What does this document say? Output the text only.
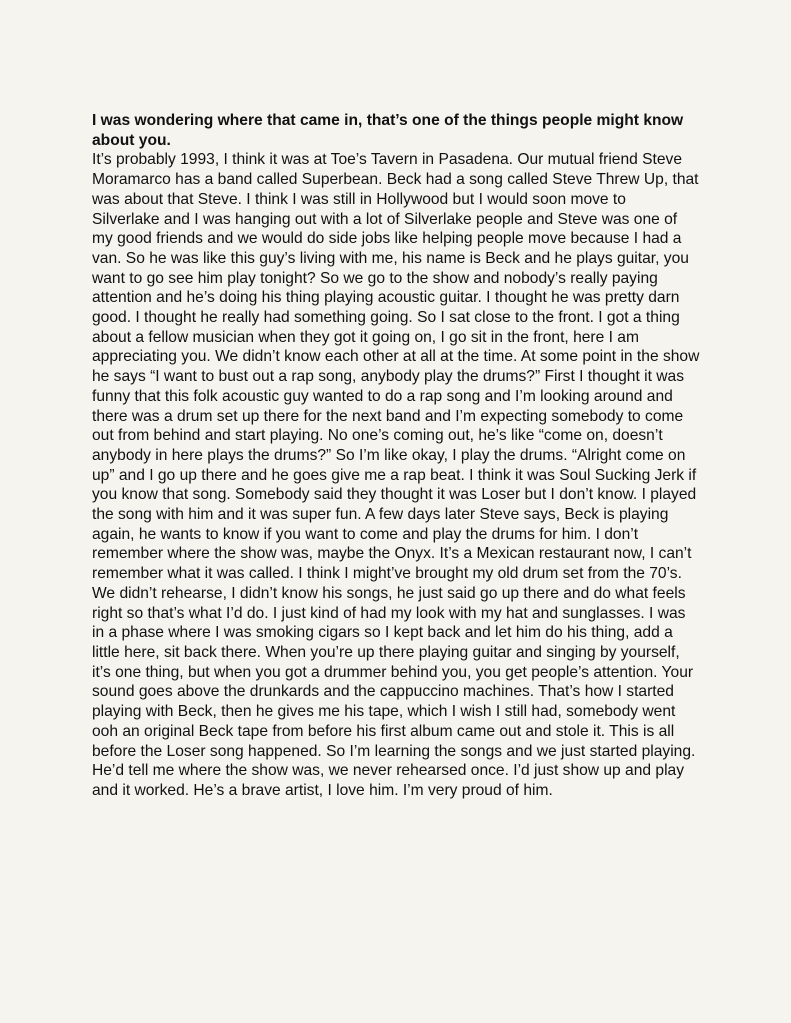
I was wondering where that came in, that’s one of the things people might know about you.

It’s probably 1993, I think it was at Toe’s Tavern in Pasadena. Our mutual friend Steve
Moramarco has a band called Superbean. Beck had a song called Steve Threw Up, that
was about that Steve. I think I was still in Hollywood but I would soon move to
Silverlake and I was hanging out with a lot of Silverlake people and Steve was one of
my good friends and we would do side jobs like helping people move because I had a
van. So he was like this guy’s living with me, his name is Beck and he plays guitar, you
want to go see him play tonight? So we go to the show and nobody’s really paying
attention and he’s doing his thing playing acoustic guitar. I thought he was pretty darn
good. I thought he really had something going. So I sat close to the front. I got a thing
about a fellow musician when they got it going on, I go sit in the front, here I am
appreciating you. We didn’t know each other at all at the time. At some point in the show
he says “I want to bust out a rap song, anybody play the drums?” First I thought it was
funny that this folk acoustic guy wanted to do a rap song and I’m looking around and
there was a drum set up there for the next band and I’m expecting somebody to come
out from behind and start playing. No one’s coming out, he’s like “come on, doesn’t
anybody in here plays the drums?” So I’m like okay, I play the drums. “Alright come on
up” and I go up there and he goes give me a rap beat. I think it was Soul Sucking Jerk if
you know that song. Somebody said they thought it was Loser but I don’t know. I played
the song with him and it was super fun. A few days later Steve says, Beck is playing
again, he wants to know if you want to come and play the drums for him. I don’t
remember where the show was, maybe the Onyx. It’s a Mexican restaurant now, I can’t
remember what it was called. I think I might’ve brought my old drum set from the 70’s.
We didn’t rehearse, I didn’t know his songs, he just said go up there and do what feels
right so that’s what I’d do. I just kind of had my look with my hat and sunglasses. I was
in a phase where I was smoking cigars so I kept back and let him do his thing, add a
little here, sit back there. When you’re up there playing guitar and singing by yourself,
it’s one thing, but when you got a drummer behind you, you get people’s attention. Your
sound goes above the drunkards and the cappuccino machines. That’s how I started
playing with Beck, then he gives me his tape, which I wish I still had, somebody went
ooh an original Beck tape from before his first album came out and stole it. This is all
before the Loser song happened. So I’m learning the songs and we just started playing.
He’d tell me where the show was, we never rehearsed once. I’d just show up and play
and it worked. He’s a brave artist, I love him. I’m very proud of him.
